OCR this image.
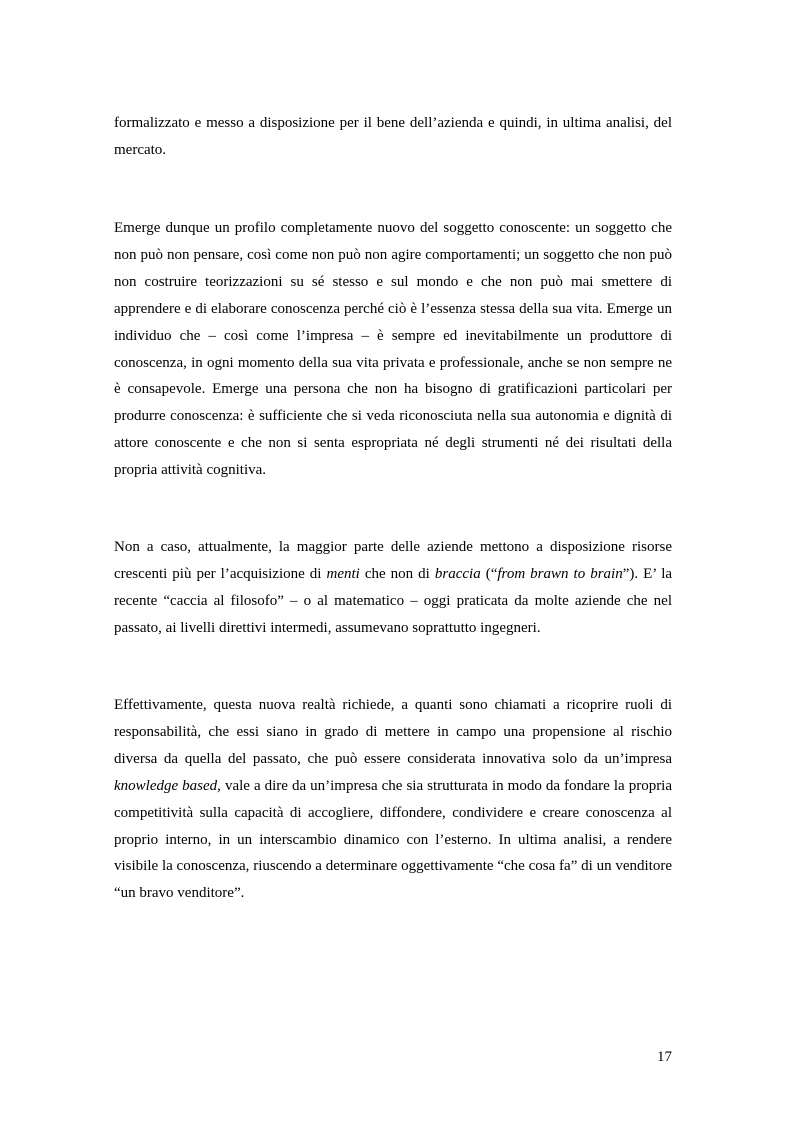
formalizzato e messo a disposizione per il bene dell’azienda e quindi, in ultima analisi, del mercato.

Emerge dunque un profilo completamente nuovo del soggetto conoscente: un soggetto che non può non pensare, così come non può non agire comportamenti; un soggetto che non può non costruire teorizzazioni su sé stesso e sul mondo e che non può mai smettere di apprendere e di elaborare conoscenza perché ciò è l’essenza stessa della sua vita. Emerge un individuo che – così come l’impresa – è sempre ed inevitabilmente un produttore di conoscenza, in ogni momento della sua vita privata e professionale, anche se non sempre ne è consapevole. Emerge una persona che non ha bisogno di gratificazioni particolari per produrre conoscenza: è sufficiente che si veda riconosciuta nella sua autonomia e dignità di attore conoscente e che non si senta espropriata né degli strumenti né dei risultati della propria attività cognitiva.

Non a caso, attualmente, la maggior parte delle aziende mettono a disposizione risorse crescenti più per l’acquisizione di menti che non di braccia (“from brawn to brain”). E’ la recente “caccia al filosofo” – o al matematico – oggi praticata da molte aziende che nel passato, ai livelli direttivi intermedi, assumevano soprattutto ingegneri.

Effettivamente, questa nuova realtà richiede, a quanti sono chiamati a ricoprire ruoli di responsabilità, che essi siano in grado di mettere in campo una propensione al rischio diversa da quella del passato, che può essere considerata innovativa solo da un’impresa knowledge based, vale a dire da un’impresa che sia strutturata in modo da fondare la propria competitività sulla capacità di accogliere, diffondere, condividere e creare conoscenza al proprio interno, in un interscambio dinamico con l’esterno. In ultima analisi, a rendere visibile la conoscenza, riuscendo a determinare oggettivamente “che cosa fa” di un venditore “un bravo venditore”.

17
